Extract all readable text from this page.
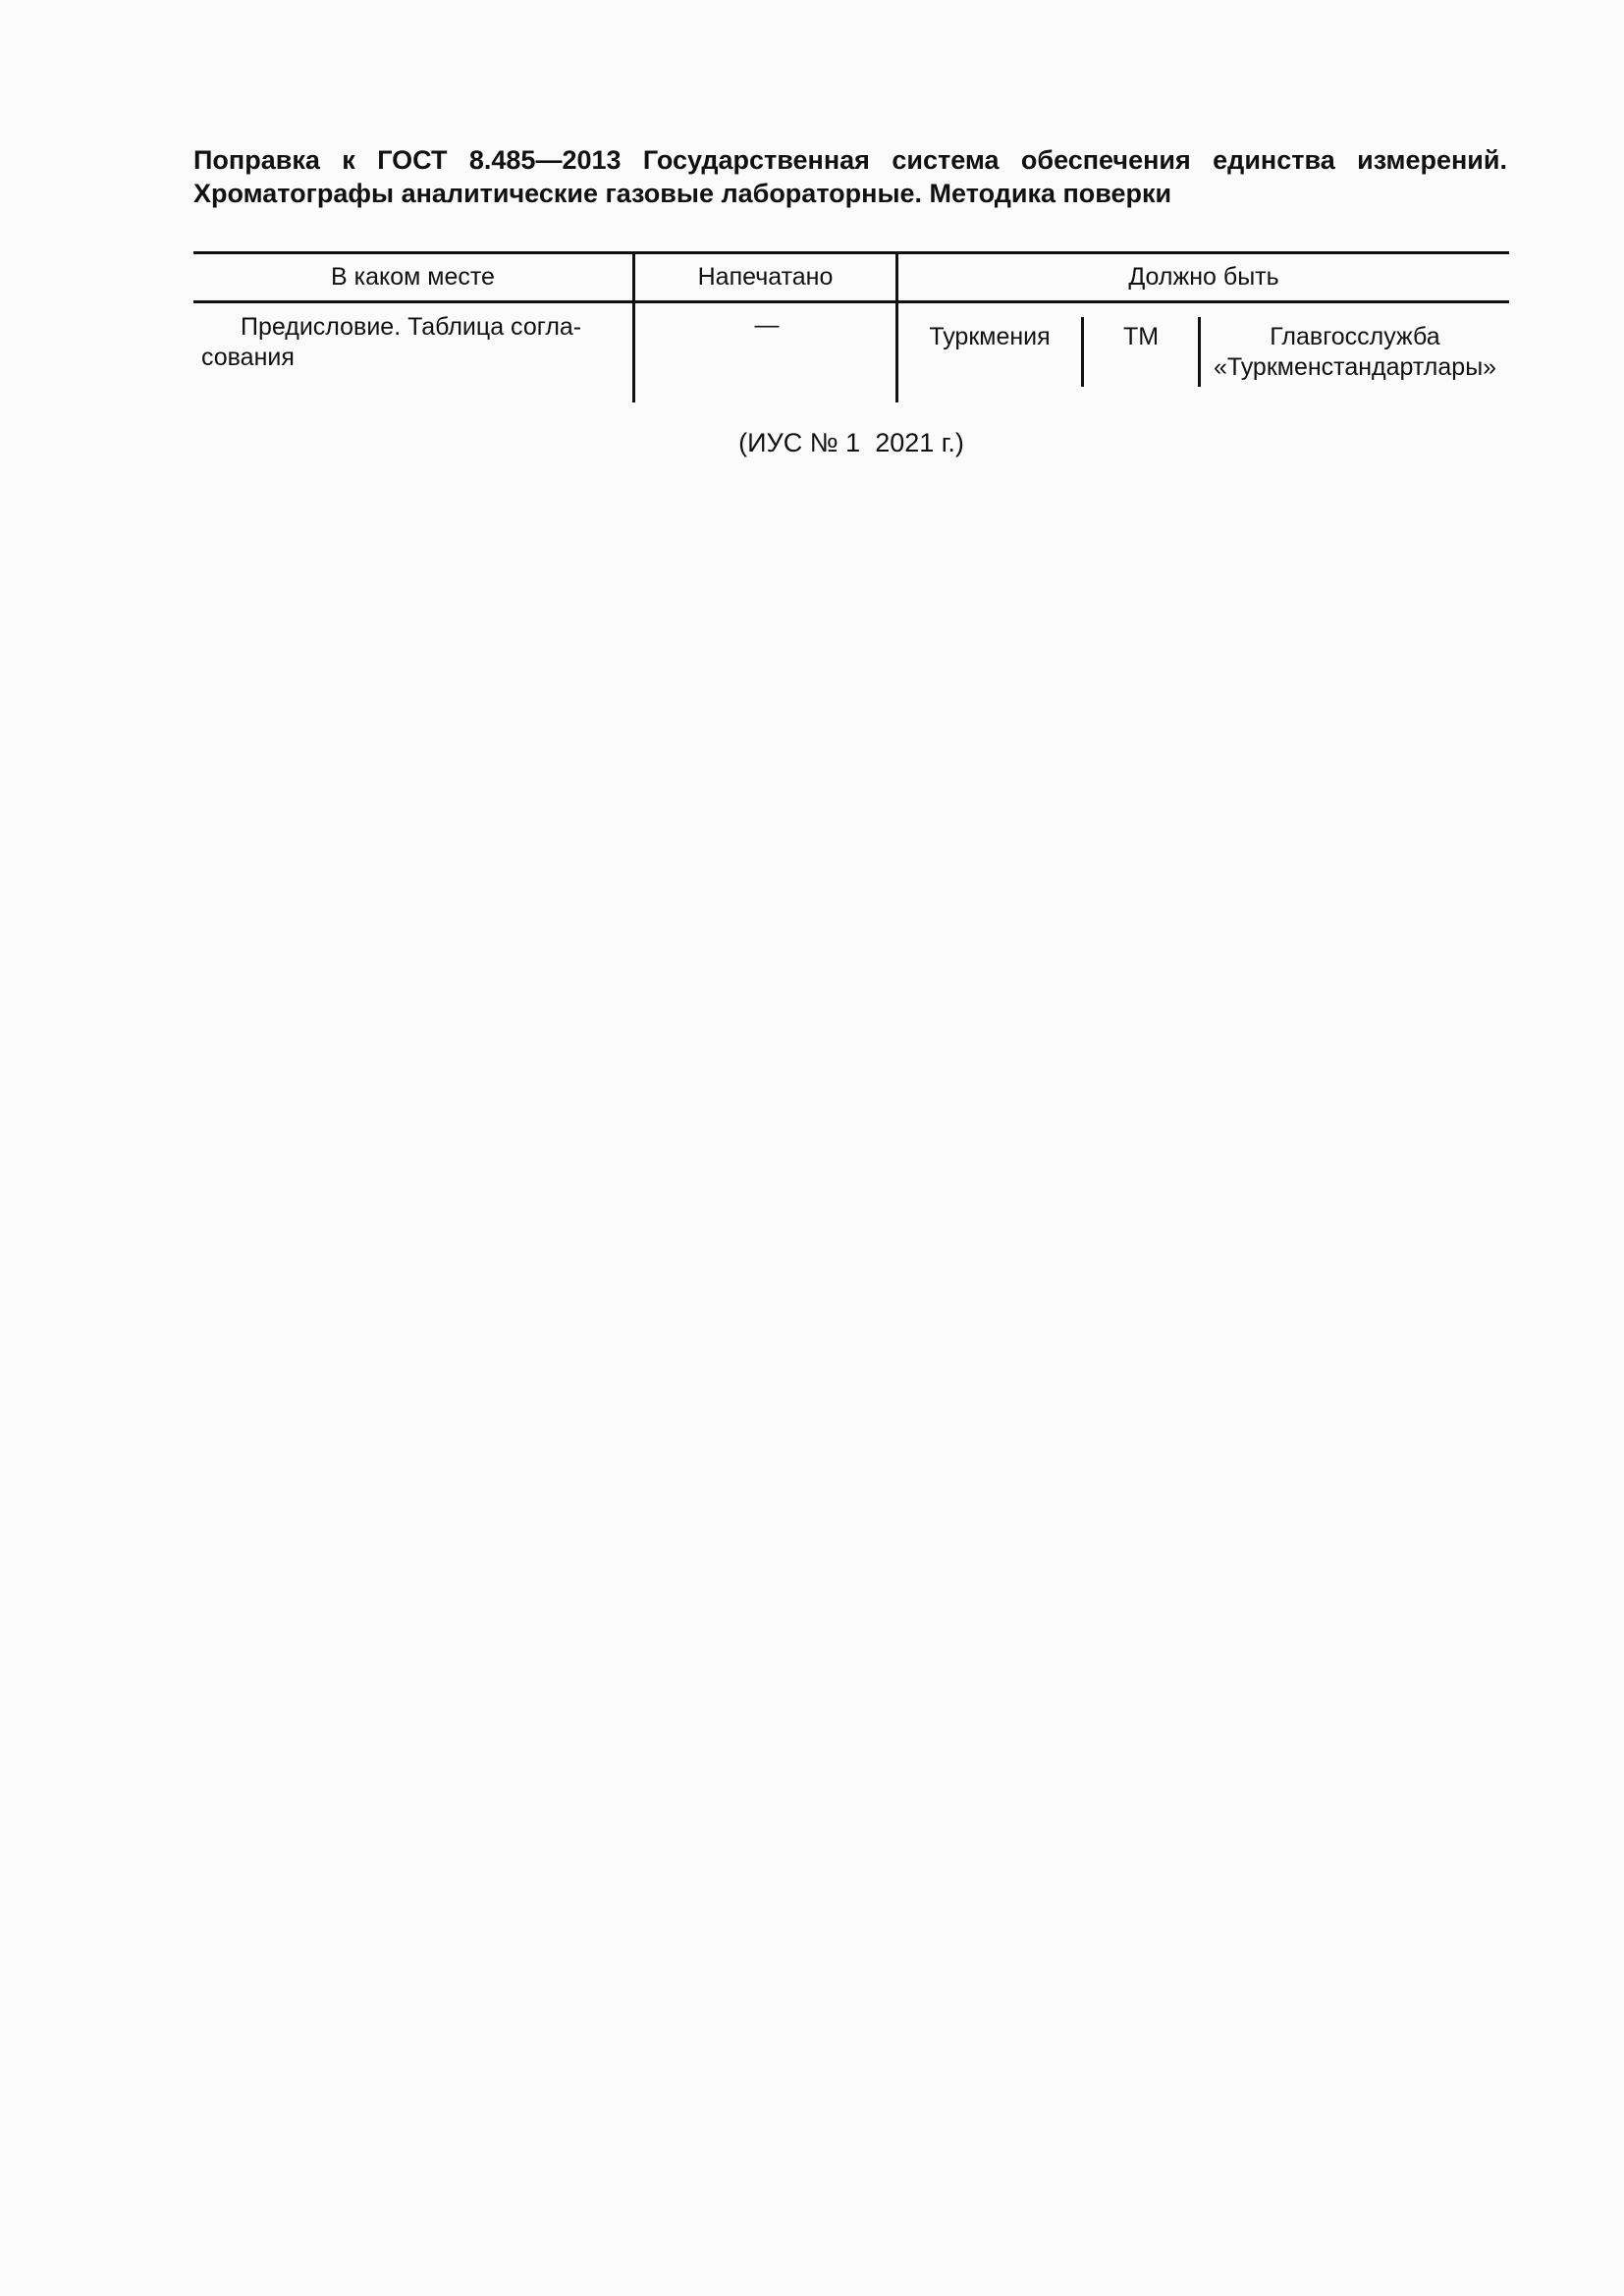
Поправка к ГОСТ 8.485—2013 Государственная система обеспечения единства измерений.
Хроматографы аналитические газовые лабораторные. Методика поверки
В каком месте	Напечатано	Должно быть
Предисловие. Таблица согла-
сования
—	Туркмения	TM	Главгосслужба
«Туркменстандартлары»
(ИУС № 1  2021 г.)
